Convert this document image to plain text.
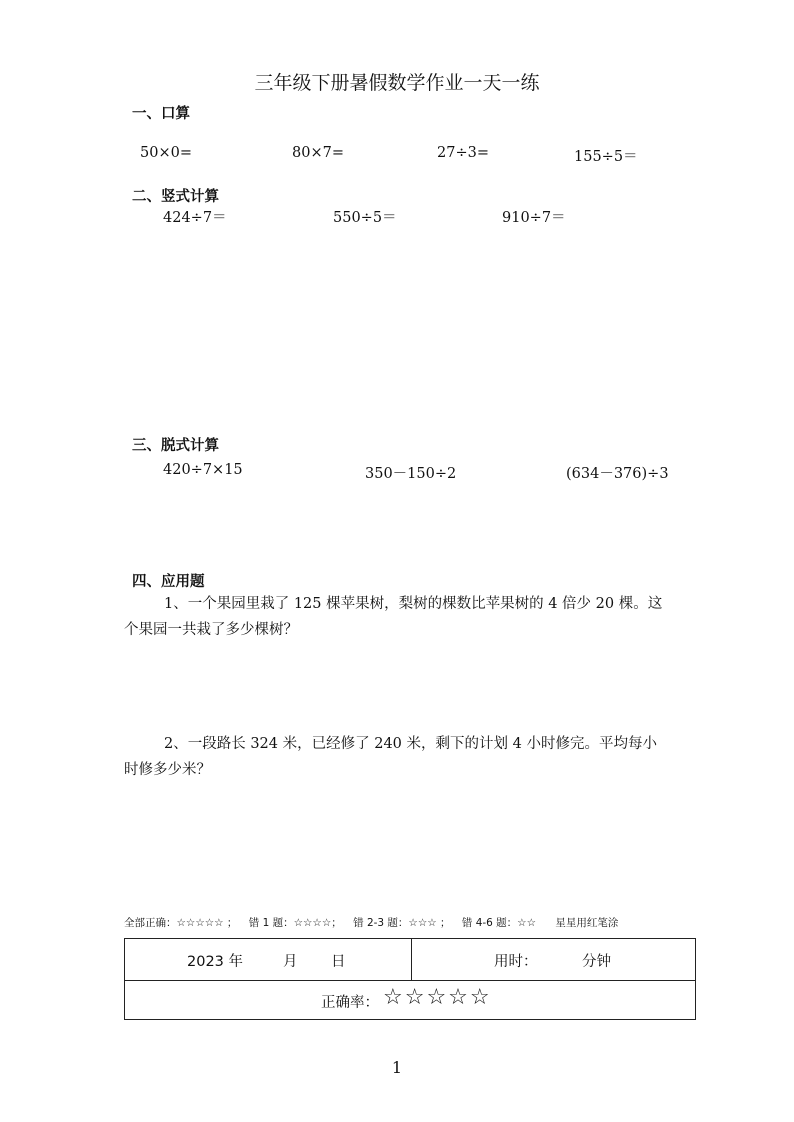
三年级下册暑假数学作业一天一练
一、口算
50×0=	80×7=	27÷3=	155÷5＝
二、竖式计算
424÷7＝	550÷5＝	910÷7＝
三、脱式计算
420÷7×15	350－150÷2	(634－376)÷3
四、应用题
1、一个果园里栽了 125 棵苹果树，梨树的棵数比苹果树的 4 倍少 20 棵。这
个果园一共栽了多少棵树？
2、一段路长 324 米，已经修了 240 米，剩下的计划 4 小时修完。平均每小
时修多少米？
全部正确：☆☆☆☆☆ ； 错 1 题：☆☆☆☆； 错 2-3 题：☆☆☆ ； 错 4-6 题：☆☆ 星星用红笔涂
2023 年	月 日	用时：	分钟
正确率： ☆☆☆☆☆
1
